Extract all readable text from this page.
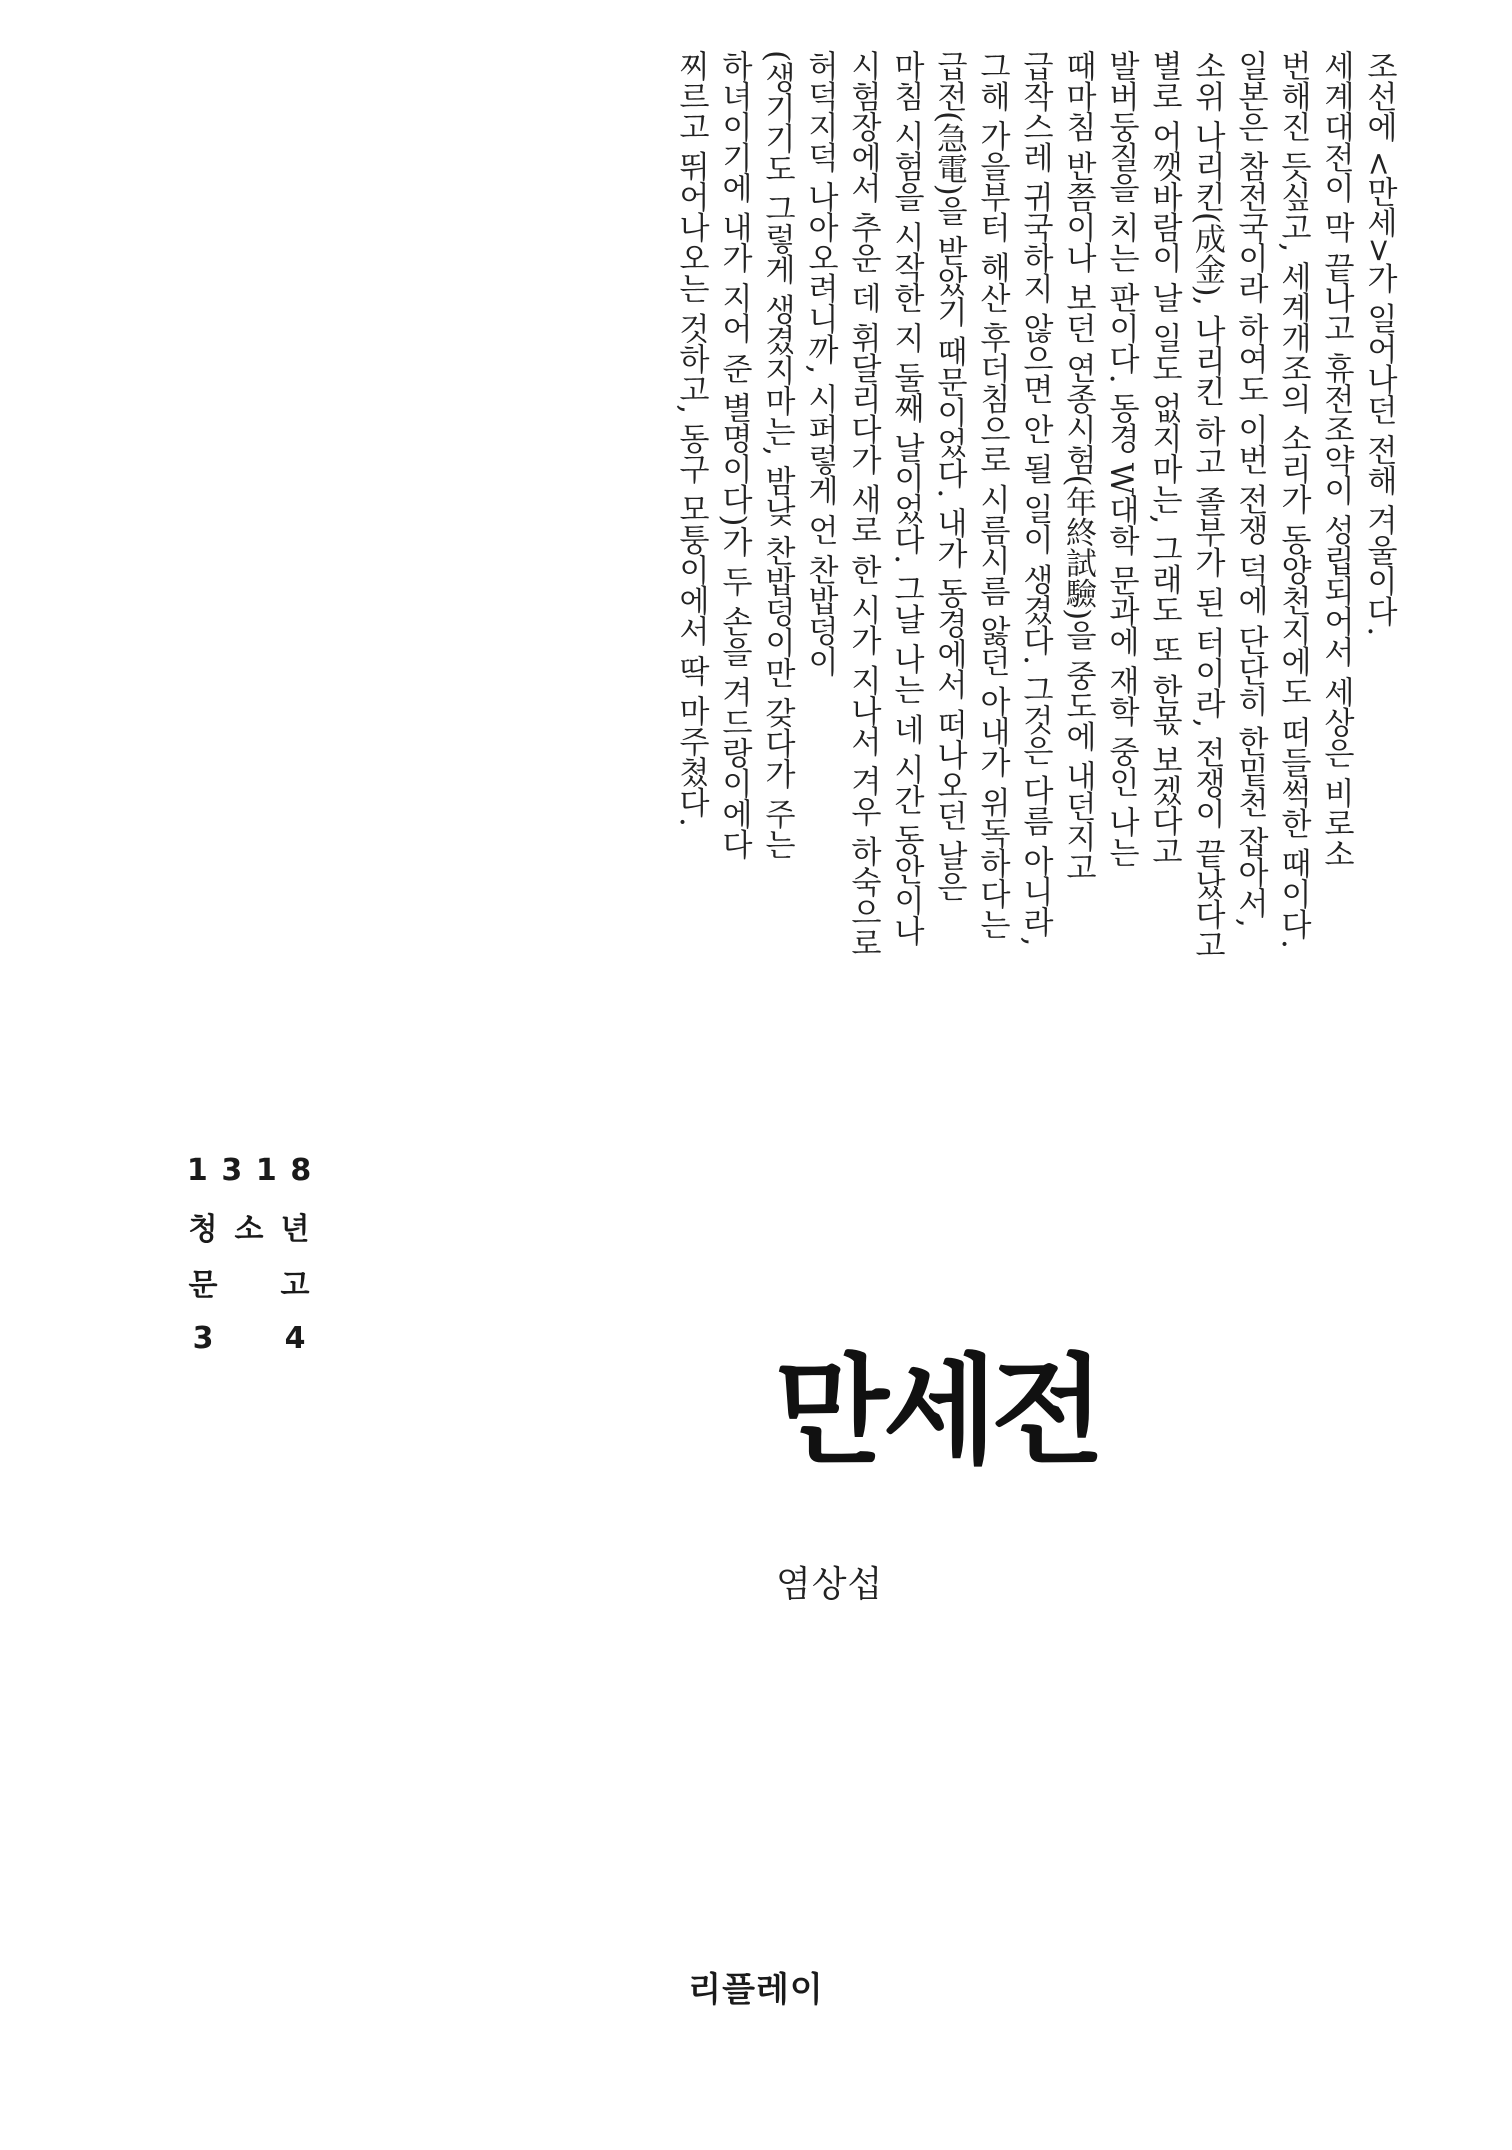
조선에 <만세>가 일어나던 전해 겨울이다.
세계대전이 막 끝나고 휴전조약이 성립되어서 세상은 비로소
번해진 듯싶고, 세계개조의 소리가 동양천지에도 떠들썩한 때이다.
일본은 참전국이라 하여도 이번 전쟁 덕에 단단히 한밑천 잡아서,
소위 나리킨(成金), 나리킨 하고 졸부가 된 터이라, 전쟁이 끝났다고
별로 어깻바람이 날 일도 없지마는, 그래도 또 한몫 보겠다고
발버둥질을 치는 판이다. 동경 W대학 문과에 재학 중인 나는
때마침 반쯤이나 보던 연종시험(年終試驗)을 중도에 내던지고
급작스레 귀국하지 않으면 안 될 일이 생겼다. 그것은 다름 아니라,
그해 가을부터 해산 후더침으로 시름시름 앓던 아내가 위독하다는
급전(急電)을 받았기 때문이었다. 내가 동경에서 떠나오던 날은
마침 시험을 시작한 지 둘째 날이었다. 그날 나는 네 시간 동안이나
시험장에서 추운 데 휘달리다가 새로 한 시가 지나서 겨우 하숙으로
허덕지덕 나아오려니까, 시퍼렇게 언 찬밥덩이
(생기기도 그렇게 생겼지마는, 밤낮 찬밥덩이만 갖다가 주는
하녀이기에 내가 지어 준 별명이다)가 두 손을 겨드랑이에다
찌르고 뛰어나오는 것하고, 동구 모퉁이에서 딱 마주쳤다.
1 3 1 8
청 소 년
문 고
3	4
만세전
염상섭
리플레이
